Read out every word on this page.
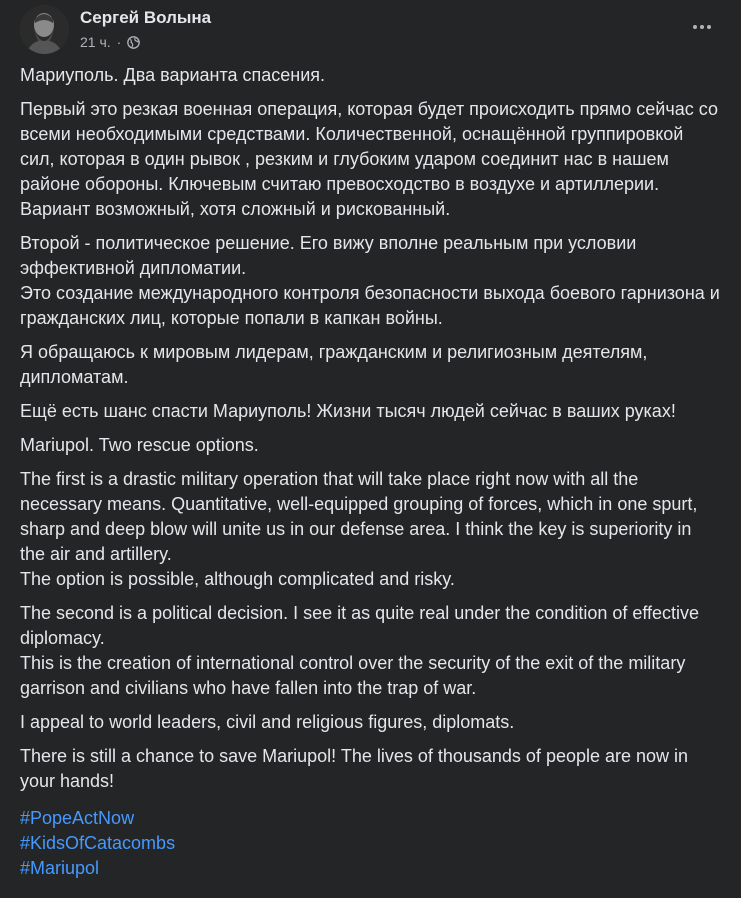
Сергей Волына
21 ч. ·

Мариуполь. Два варианта спасения.

Первый это резкая военная операция, которая будет происходить прямо сейчас со всеми необходимыми средствами. Количественной, оснащённой группировкой сил, которая в один рывок , резким и глубоким ударом соединит нас в нашем районе обороны. Ключевым считаю превосходство в воздухе и артиллерии.
Вариант возможный, хотя сложный и рискованный.

Второй - политическое решение. Его вижу вполне реальным при условии эффективной дипломатии.
Это создание международного контроля безопасности выхода боевого гарнизона и гражданских лиц, которые попали в капкан войны.

Я обращаюсь к мировым лидерам, гражданским и религиозным деятелям, дипломатам.

Ещё есть шанс спасти Мариуполь! Жизни тысяч людей сейчас в ваших руках!

Mariupol. Two rescue options.

The first is a drastic military operation that will take place right now with all the necessary means. Quantitative, well-equipped grouping of forces, which in one spurt, sharp and deep blow will unite us in our defense area. I think the key is superiority in the air and artillery.
The option is possible, although complicated and risky.

The second is a political decision. I see it as quite real under the condition of effective diplomacy.
This is the creation of international control over the security of the exit of the military garrison and civilians who have fallen into the trap of war.

I appeal to world leaders, civil and religious figures, diplomats.

There is still a chance to save Mariupol! The lives of thousands of people are now in your hands!

#PopeActNow
#KidsOfCatacombs
#Mariupol
